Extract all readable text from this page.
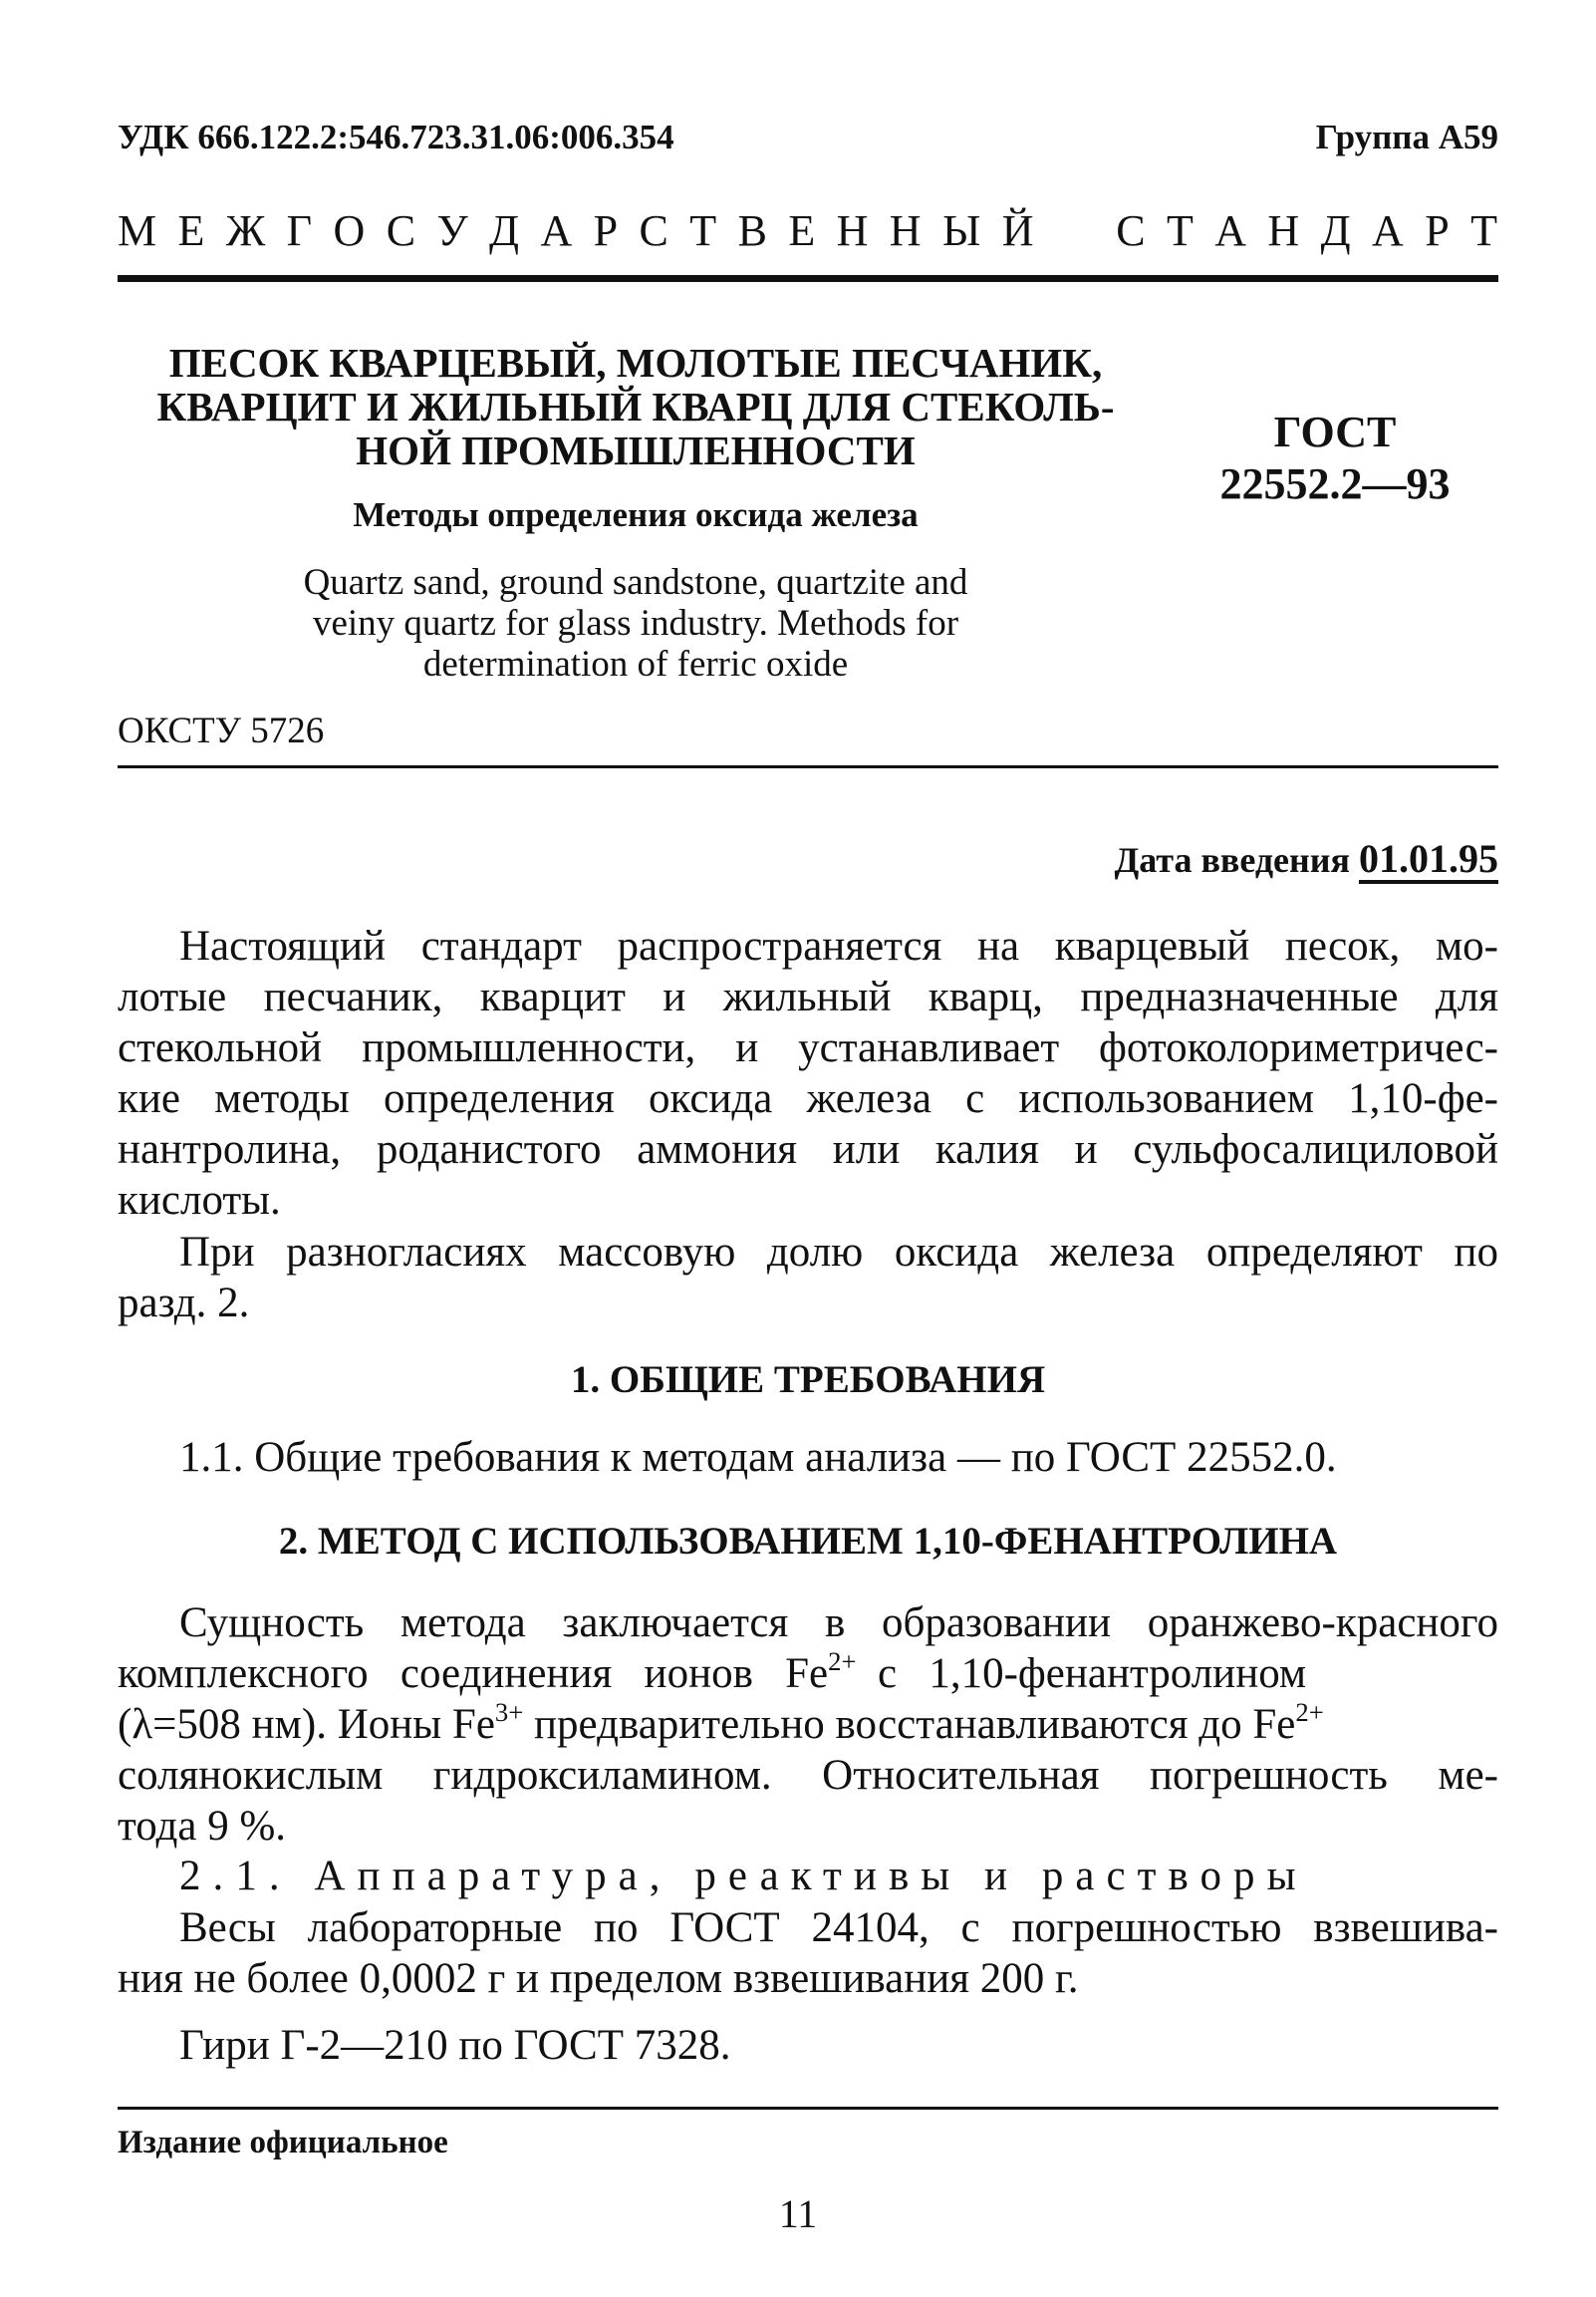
УДК 666.122.2:546.723.31.06:006.354	Группа А59
М Е Ж Г О С У Д А Р С Т В Е Н Н Ы Й    С Т А Н Д А Р Т
ПЕСОК КВАРЦЕВЫЙ, МОЛОТЫЕ ПЕСЧАНИК,
КВАРЦИТ И ЖИЛЬНЫЙ КВАРЦ ДЛЯ СТЕКОЛЬ-
НОЙ ПРОМЫШЛЕННОСТИ	ГОСТ
22552.2—93
Методы определения оксида железа
Quartz sand, ground sandstone, quartzite and
veiny quartz for glass industry. Methods for
determination of ferric oxide
ОКСТУ 5726
Дата введения 01.01.95
Настоящий стандарт распространяется на кварцевый песок, мо-
лотые песчаник, кварцит и жильный кварц, предназначенные для
стекольной промышленности, и устанавливает фотоколориметричес-
кие методы определения оксида железа с использованием 1,10-фе-
нантролина, роданистого аммония или калия и сульфосалициловой
кислоты.
При разногласиях массовую долю оксида железа определяют по
разд. 2.
1. ОБЩИЕ ТРЕБОВАНИЯ
1.1. Общие требования к методам анализа — по ГОСТ 22552.0.
2. МЕТОД С ИСПОЛЬЗОВАНИЕМ 1,10-ФЕНАНТРОЛИНА
Сущность метода заключается в образовании оранжево-красного
комплексного   соединения   ионов   $Fe^{2+}$  с   1,10-фенантролином
(λ=508 нм). Ионы $Fe^{3+}$ предварительно восстанавливаются до $Fe^{2+}$
солянокислым гидроксиламином. Относительная погрешность ме-
тода 9 %.
2.1. Аппаратура, реактивы и растворы
Весы лабораторные по ГОСТ 24104, с погрешностью взвешива-
ния не более 0,0002 г и пределом взвешивания 200 г.
Гири Г-2—210 по ГОСТ 7328.
Издание официальное
11
